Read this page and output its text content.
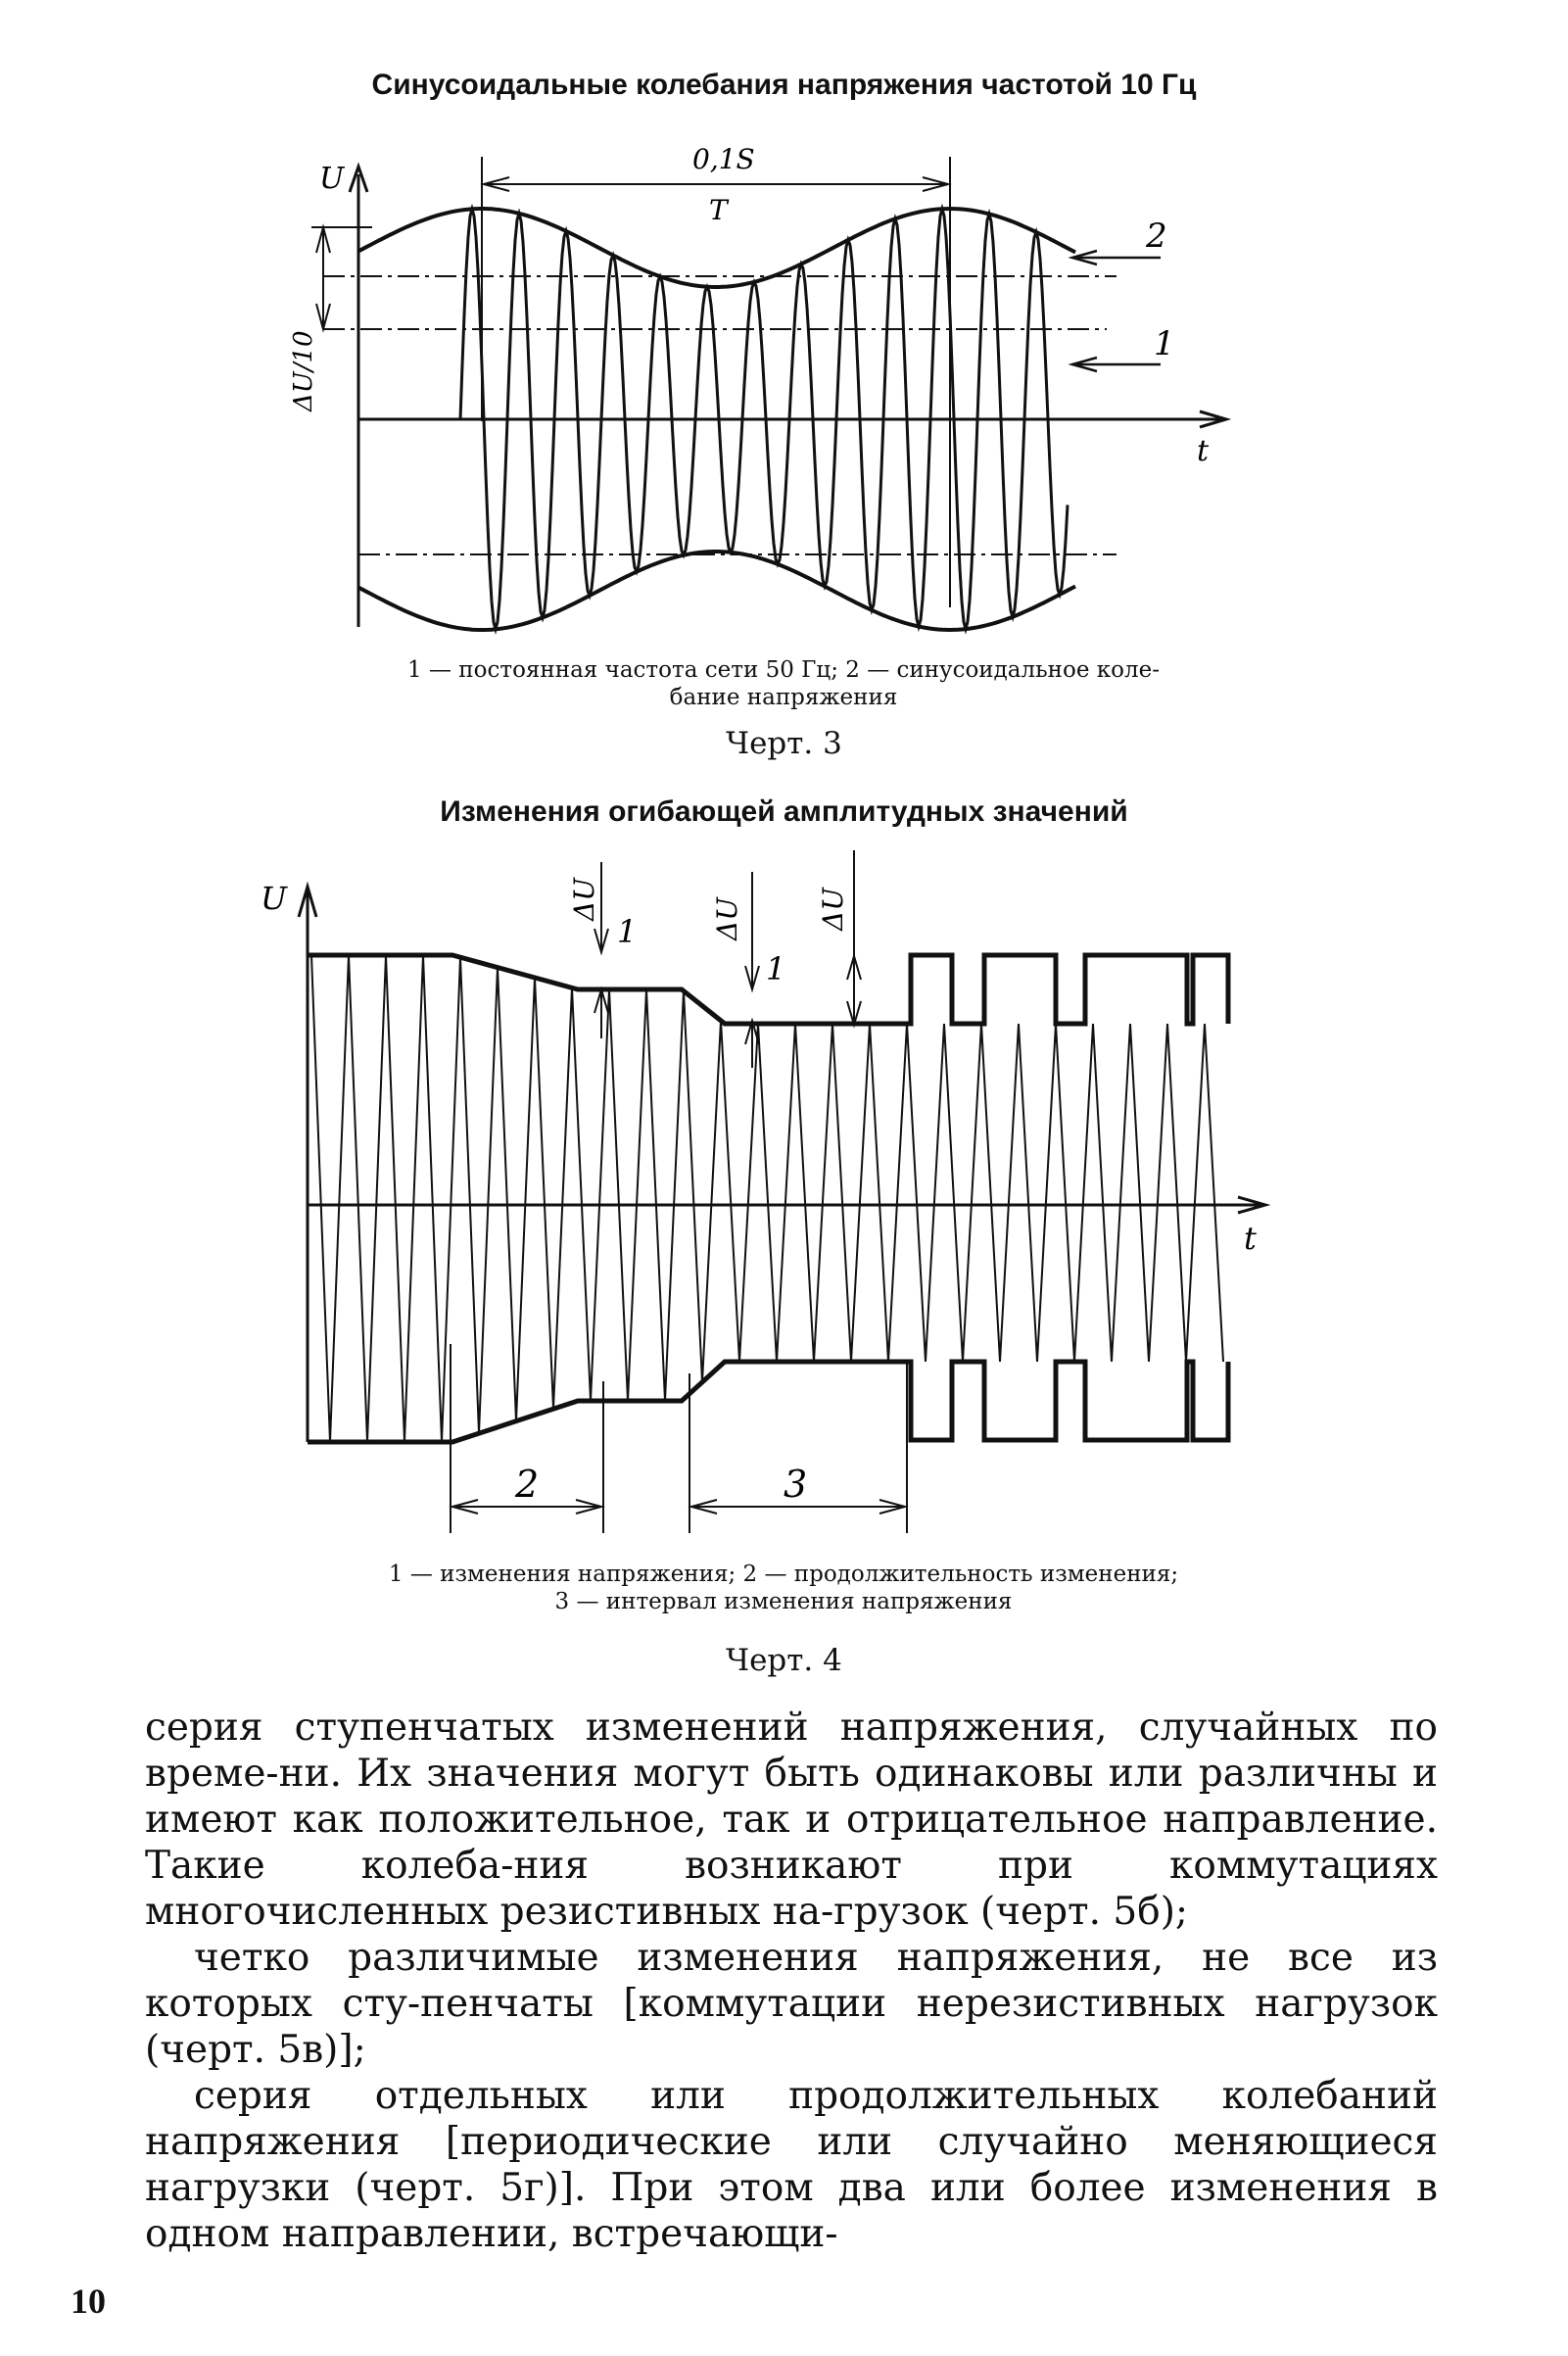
Синусоидальные колебания напряжения частотой 10 Гц
U
t
0,1S
T
ΔU/10
2
1
1 — постоянная частота сети 50 Гц; 2 — синусоидальное коле-
бание напряжения
Черт. 3
Изменения огибающей амплитудных значений
U
t
ΔU	ΔU	ΔU
1
1
2	3
1 — изменения напряжения; 2 — продолжительность изменения;
3 — интервал изменения напряжения
Черт. 4

серия ступенчатых изменений напряжения, случайных по време-ни. Их значения могут быть одинаковы или различны и имеют как положительное, так и отрицательное направление. Такие колеба-ния возникают при коммутациях многочисленных резистивных на-грузок (черт. 5б);

четко различимые изменения напряжения, не все из которых сту-пенчаты [коммутации нерезистивных нагрузок (черт. 5в)];

серия отдельных или продолжительных колебаний напряжения [периодические или случайно меняющиеся нагрузки (черт. 5г)]. При этом два или более изменения в одном направлении, встречающи-

10
